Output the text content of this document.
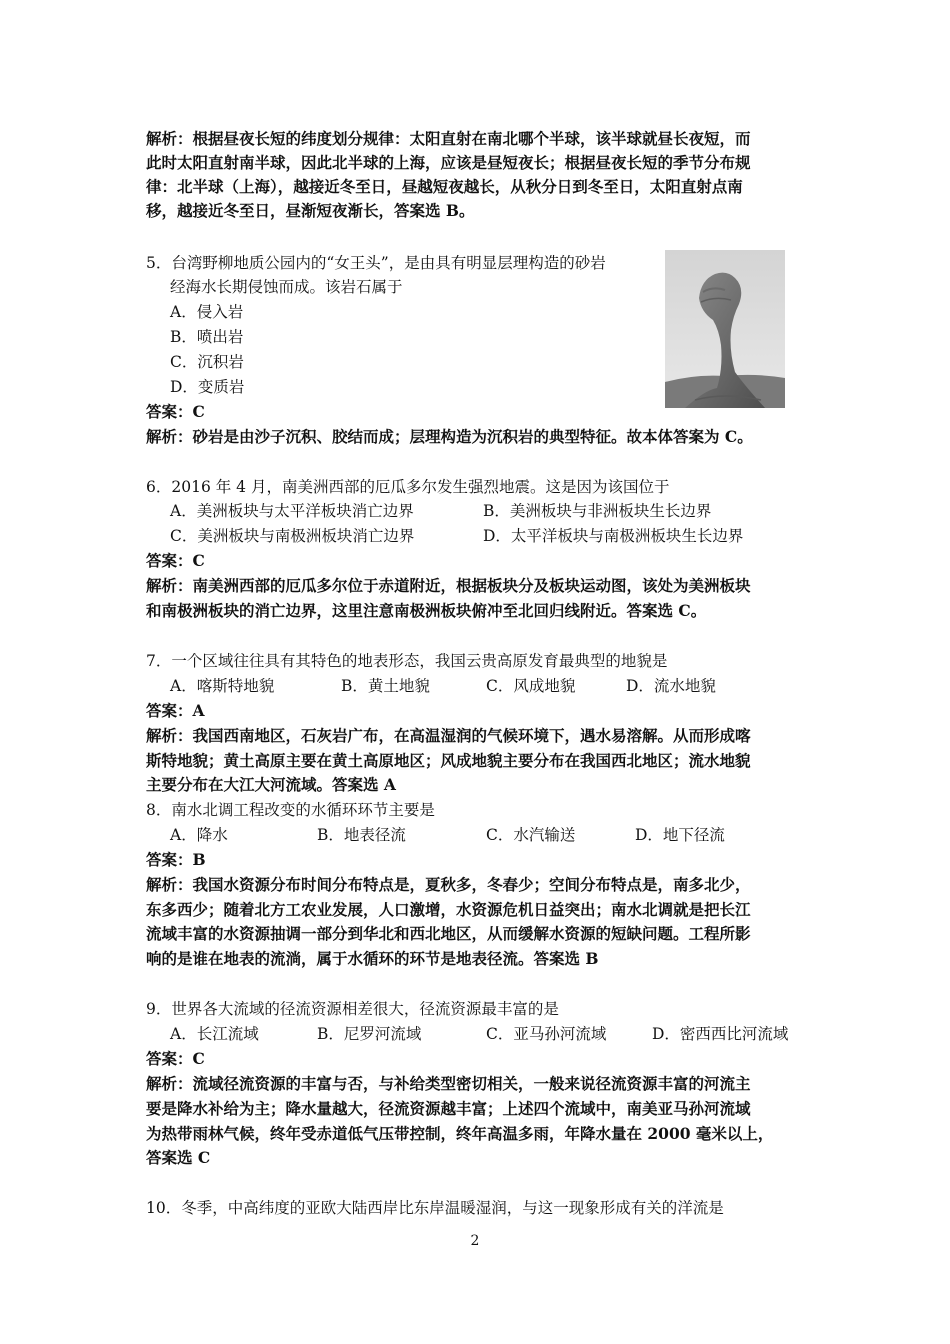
解析：根据昼夜长短的纬度划分规律：太阳直射在南北哪个半球，该半球就昼长夜短，而
此时太阳直射南半球，因此北半球的上海，应该是昼短夜长；根据昼夜长短的季节分布规
律：北半球（上海），越接近冬至日，昼越短夜越长，从秋分日到冬至日，太阳直射点南
移，越接近冬至日，昼渐短夜渐长，答案选 B。
5．台湾野柳地质公园内的“女王头”，是由具有明显层理构造的砂岩
经海水长期侵蚀而成。该岩石属于
A．侵入岩
B．喷出岩
C．沉积岩
D．变质岩
答案：C
解析：砂岩是由沙子沉积、胶结而成；层理构造为沉积岩的典型特征。故本体答案为 C。
6．2016 年 4 月，南美洲西部的厄瓜多尔发生强烈地震。这是因为该国位于
A．美洲板块与太平洋板块消亡边界	B．美洲板块与非洲板块生长边界
C．美洲板块与南极洲板块消亡边界	D．太平洋板块与南极洲板块生长边界
答案：C
解析：南美洲西部的厄瓜多尔位于赤道附近，根据板块分及板块运动图，该处为美洲板块
和南极洲板块的消亡边界，这里注意南极洲板块俯冲至北回归线附近。答案选 C。
7．一个区域往往具有其特色的地表形态，我国云贵高原发育最典型的地貌是
A．喀斯特地貌	B．黄土地貌	C．风成地貌	D．流水地貌
答案：A
解析：我国西南地区，石灰岩广布，在高温湿润的气候环境下，遇水易溶解。从而形成喀
斯特地貌；黄土高原主要在黄土高原地区；风成地貌主要分布在我国西北地区；流水地貌
主要分布在大江大河流域。答案选 A
8．南水北调工程改变的水循环环节主要是
A．降水	B．地表径流	C．水汽输送	D．地下径流
答案：B
解析：我国水资源分布时间分布特点是，夏秋多，冬春少；空间分布特点是，南多北少，
东多西少；随着北方工农业发展，人口激增，水资源危机日益突出；南水北调就是把长江
流域丰富的水资源抽调一部分到华北和西北地区，从而缓解水资源的短缺问题。工程所影
响的是谁在地表的流淌，属于水循环的环节是地表径流。答案选 B
9．世界各大流域的径流资源相差很大，径流资源最丰富的是
A．长江流域	B．尼罗河流域	C．亚马孙河流域	D．密西西比河流域
答案：C
解析：流域径流资源的丰富与否，与补给类型密切相关，一般来说径流资源丰富的河流主
要是降水补给为主；降水量越大，径流资源越丰富；上述四个流域中，南美亚马孙河流域
为热带雨林气候，终年受赤道低气压带控制，终年高温多雨，年降水量在 2000 毫米以上，
答案选 C
10．冬季，中高纬度的亚欧大陆西岸比东岸温暖湿润，与这一现象形成有关的洋流是
2
